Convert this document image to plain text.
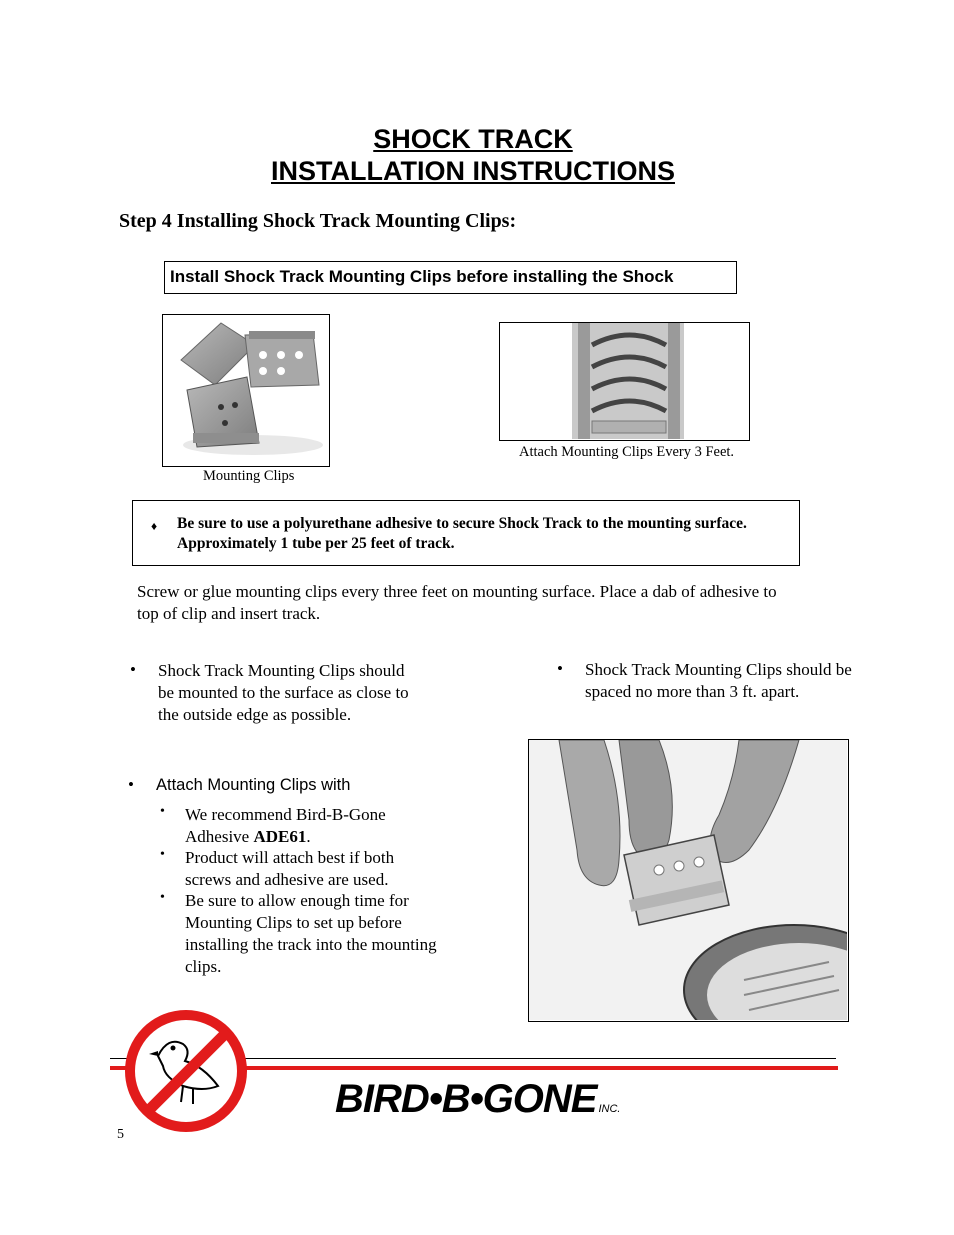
SHOCK TRACK
INSTALLATION INSTRUCTIONS
Step 4 Installing Shock Track Mounting Clips:
Install Shock Track Mounting Clips before installing the Shock
Mounting Clips
Attach Mounting Clips Every 3 Feet.
♦ Be sure to use a polyurethane adhesive to secure Shock Track to the mounting surface. Approximately 1 tube per 25 feet of track.
Screw or glue mounting clips every three feet on mounting surface. Place a dab of adhesive to top of clip and insert track.
• Shock Track Mounting Clips should be mounted to the surface as close to the outside edge as possible.
• Attach Mounting Clips with
• We recommend Bird-B-Gone Adhesive ADE61.
• Product will attach best if both screws and adhesive are used.
• Be sure to allow enough time for Mounting Clips to set up before installing the track into the mounting clips.
• Shock Track Mounting Clips should be spaced no more than 3 ft. apart.
BIRD•B•GONE INC.
5
